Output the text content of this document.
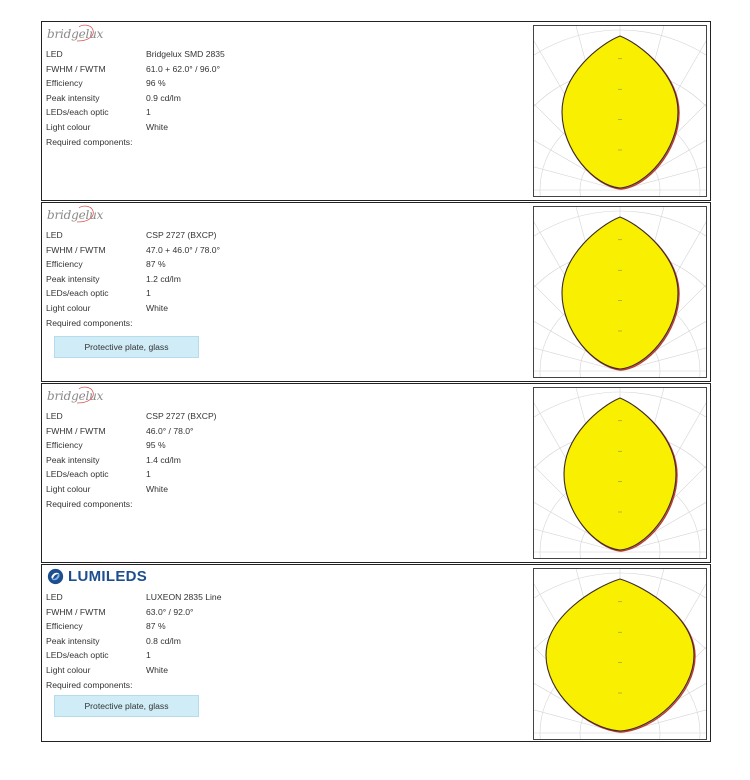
bridgelux
LED	Bridgelux SMD 2835
FWHM / FWTM	61.0 + 62.0° / 96.0°
Efficiency	96 %
Peak intensity	0.9 cd/lm
LEDs/each optic	1
Light colour	White
Required components:
bridgelux
LED	CSP 2727 (BXCP)
FWHM / FWTM	47.0 + 46.0° / 78.0°
Efficiency	87 %
Peak intensity	1.2 cd/lm
LEDs/each optic	1
Light colour	White
Required components:
Protective plate, glass
bridgelux
LED	CSP 2727 (BXCP)
FWHM / FWTM	46.0° / 78.0°
Efficiency	95 %
Peak intensity	1.4 cd/lm
LEDs/each optic	1
Light colour	White
Required components:
LUMILEDS
LED	LUXEON 2835 Line
FWHM / FWTM	63.0° / 92.0°
Efficiency	87 %
Peak intensity	0.8 cd/lm
LEDs/each optic	1
Light colour	White
Required components:
Protective plate, glass
